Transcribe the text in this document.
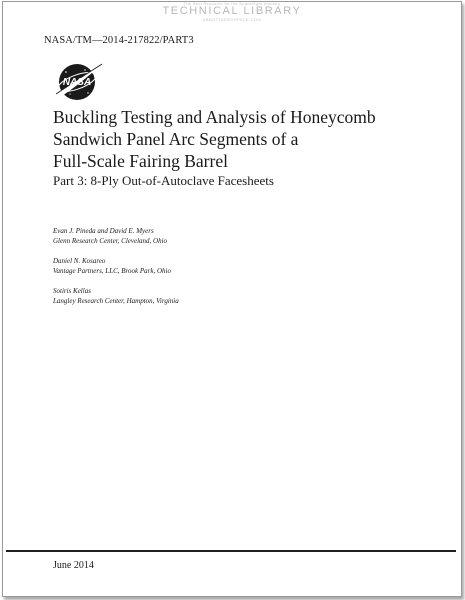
The Best Resource for the Spaceflight Industry
TECHNICAL LIBRARY
ABBOTTAEROSPACE.COM
NASA/TM—2014-217822/PART3
NASA
Buckling Testing and Analysis of Honeycomb
Sandwich Panel Arc Segments of a
Full-Scale Fairing Barrel
Part 3: 8-Ply Out-of-Autoclave Facesheets
Evan J. Pineda and David E. Myers
Glenn Research Center, Cleveland, Ohio
Daniel N. Kosareo
Vantage Partners, LLC, Brook Park, Ohio
Sotiris Kellas
Langley Research Center, Hampton, Virginia
June 2014
